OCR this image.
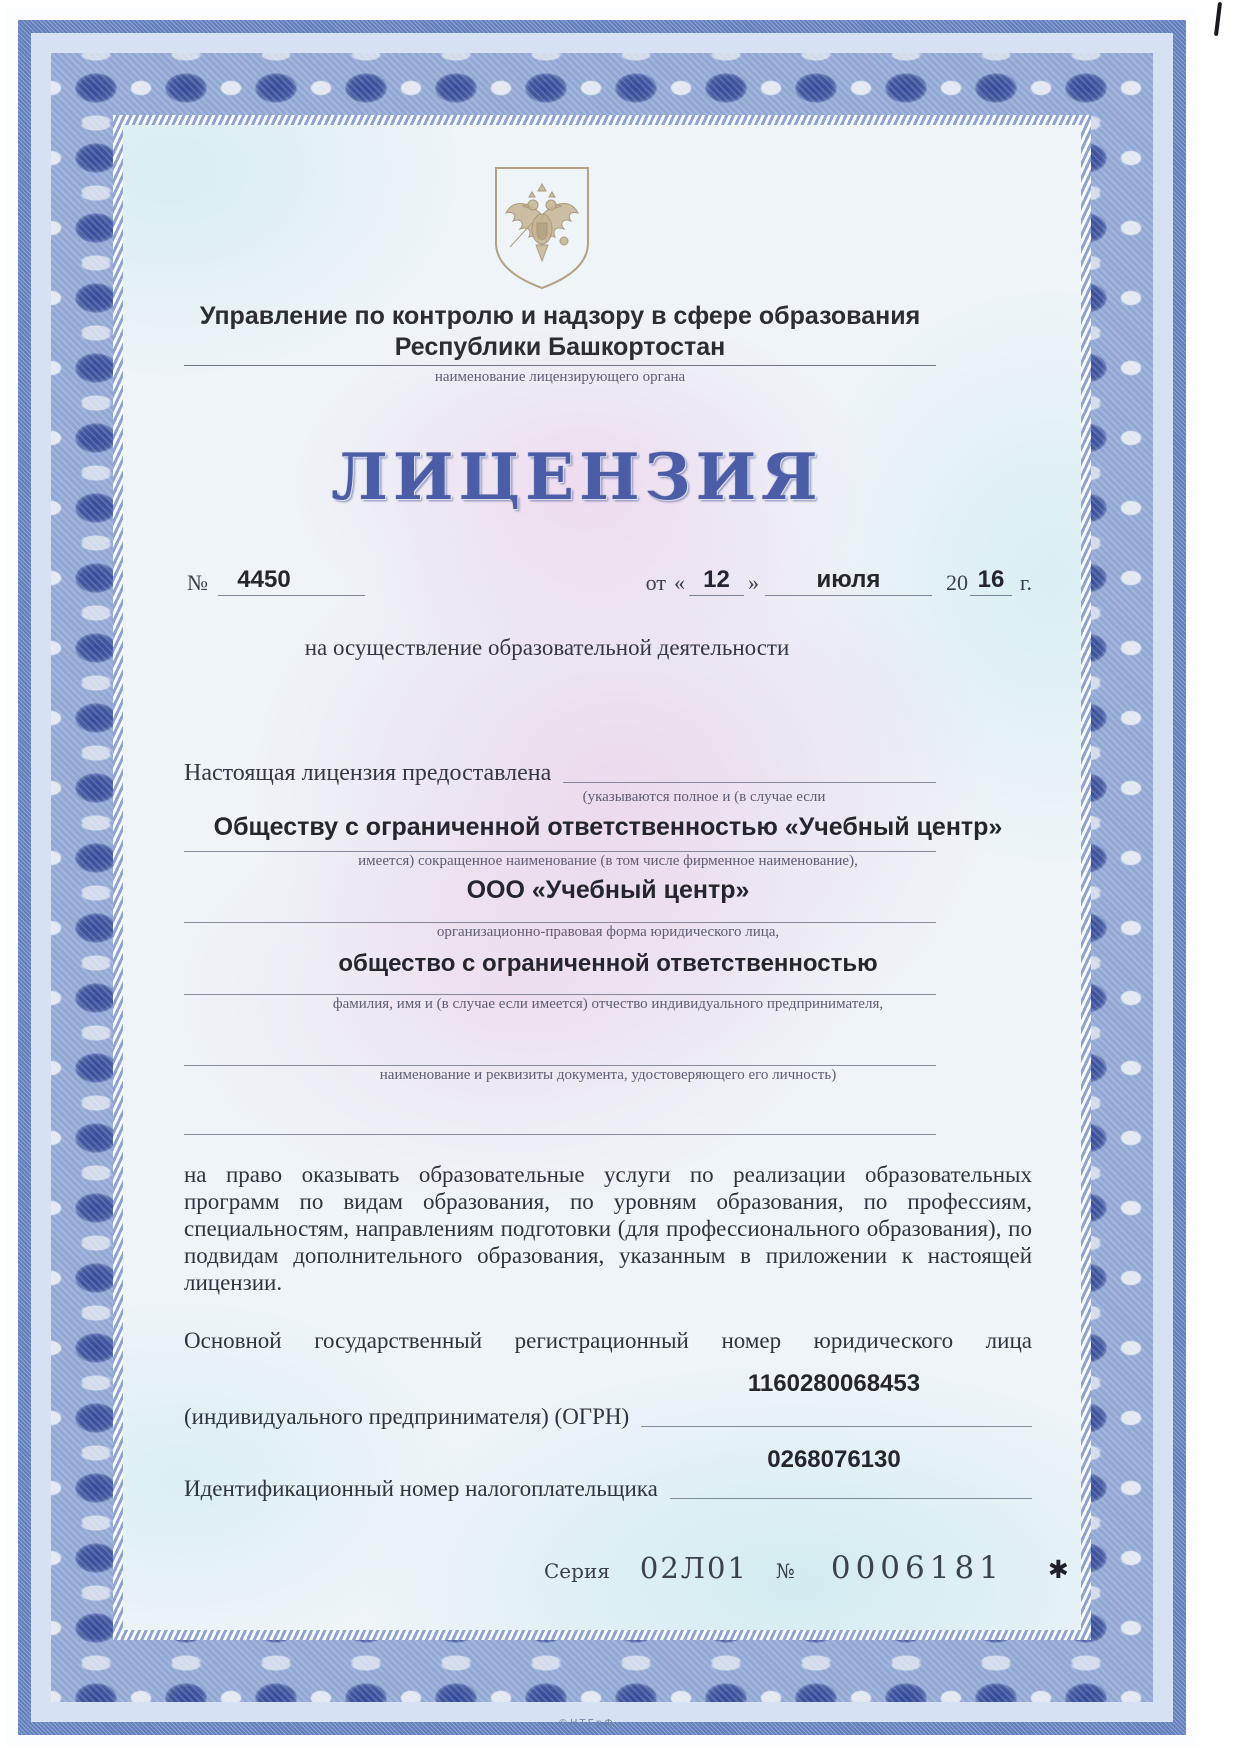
Управление по контролю и надзору в сфере образования
Республики Башкортостан
наименование лицензирующего органа
ЛИЦЕНЗИЯ
№	4450	от « 12 »	июля	20 16 г.
на осуществление образовательной деятельности
Настоящая лицензия предоставлена
(указываются полное и (в случае если
Обществу с ограниченной ответственностью «Учебный центр»
имеется) сокращенное наименование (в том числе фирменное наименование),
ООО «Учебный центр»
организационно-правовая форма юридического лица,
общество с ограниченной ответственностью
фамилия, имя и (в случае если имеется) отчество индивидуального предпринимателя,
наименование и реквизиты документа, удостоверяющего его личность)
на право оказывать образовательные услуги по реализации образовательных программ по видам образования, по уровням образования, по профессиям, специальностям, направлениям подготовки (для профессионального образования), по подвидам дополнительного образования, указанным в приложении к настоящей лицензии.
Основной государственный регистрационный номер юридического лица
1160280068453
(индивидуального предпринимателя) (ОГРН)
0268076130
Идентификационный номер налогоплательщика
Серия 02Л01 № 0006181 ✱
©НТГрФ
